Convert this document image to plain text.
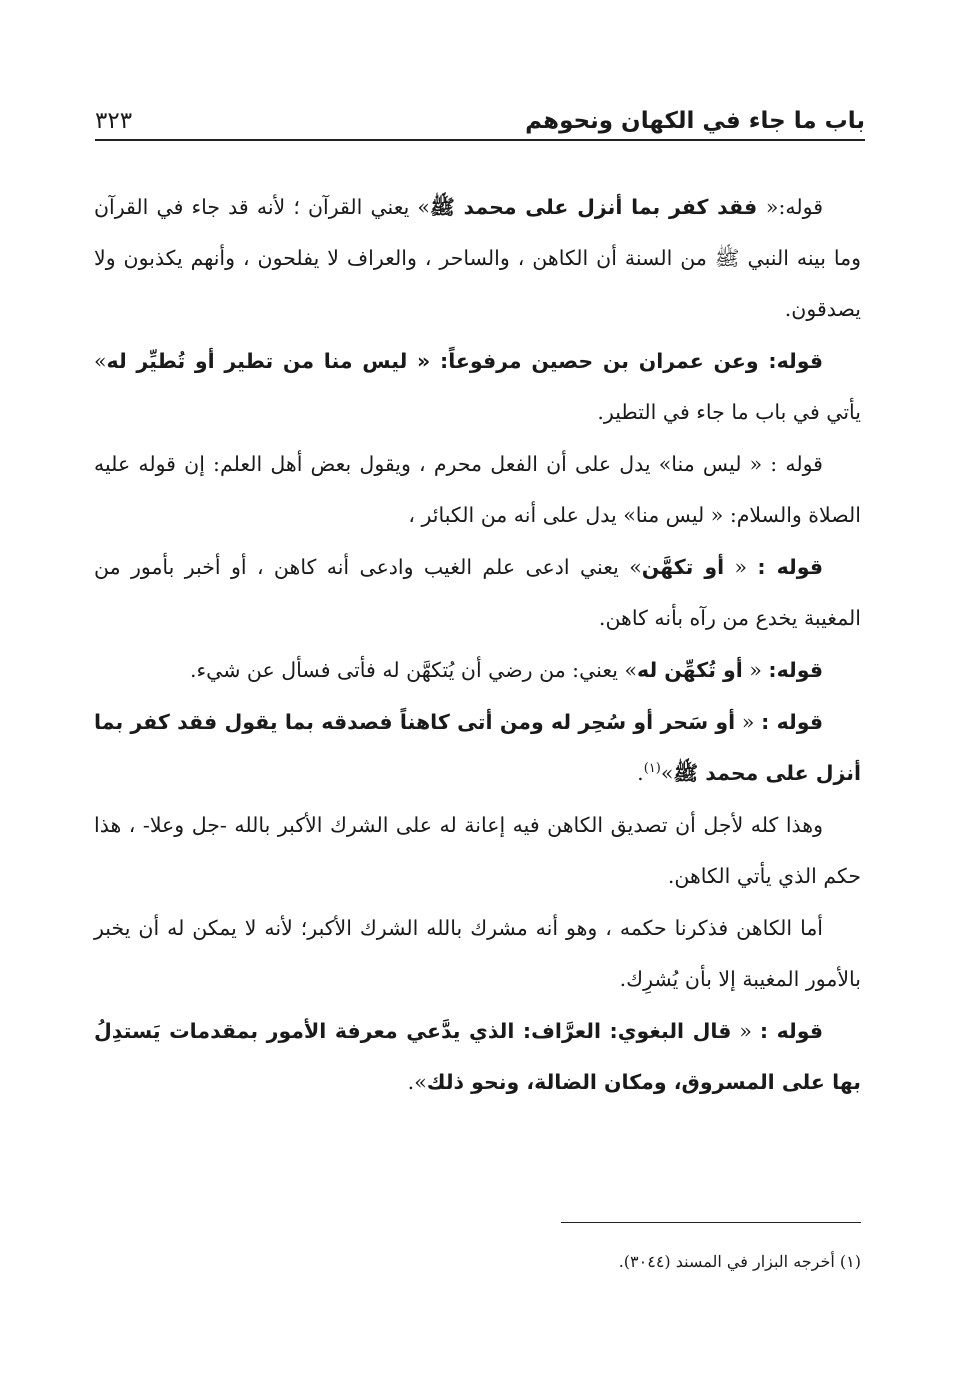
باب ما جاء في الكهان ونحوهم
٣٢٣

قوله:« فقد كفر بما أنزل على محمد ﷺ» يعني القرآن ؛ لأنه قد جاء في القرآن وما بينه النبي ﷺ من السنة أن الكاهن ، والساحر ، والعراف لا يفلحون ، وأنهم يكذبون ولا يصدقون.

قوله: وعن عمران بن حصين مرفوعاً: « ليس منا من تطير أو تُطيِّر له» يأتي في باب ما جاء في التطير.

قوله : « ليس منا» يدل على أن الفعل محرم ، ويقول بعض أهل العلم: إن قوله عليه الصلاة والسلام: « ليس منا» يدل على أنه من الكبائر ،

قوله : « أو تكهَّن» يعني ادعى علم الغيب وادعى أنه كاهن ، أو أخبر بأمور من المغيبة يخدع من رآه بأنه كاهن.

قوله: « أو تُكهِّن له» يعني: من رضي أن يُتكهَّن له فأتى فسأل عن شيء.

قوله : « أو سَحر أو سُحِر له ومن أتى كاهناً فصدقه بما يقول فقد كفر بما أنزل على محمد ﷺ»$^{(١)}$.

وهذا كله لأجل أن تصديق الكاهن فيه إعانة له على الشرك الأكبر بالله -جل وعلا- ، هذا حكم الذي يأتي الكاهن.

أما الكاهن فذكرنا حكمه ، وهو أنه مشرك بالله الشرك الأكبر؛ لأنه لا يمكن له أن يخبر بالأمور المغيبة إلا بأن يُشرِك.

قوله : « قال البغوي: العرَّاف: الذي يدَّعي معرفة الأمور بمقدمات يَستدِلُ بها على المسروق، ومكان الضالة، ونحو ذلك».

(١) أخرجه البزار في المسند (٣٠٤٤).
